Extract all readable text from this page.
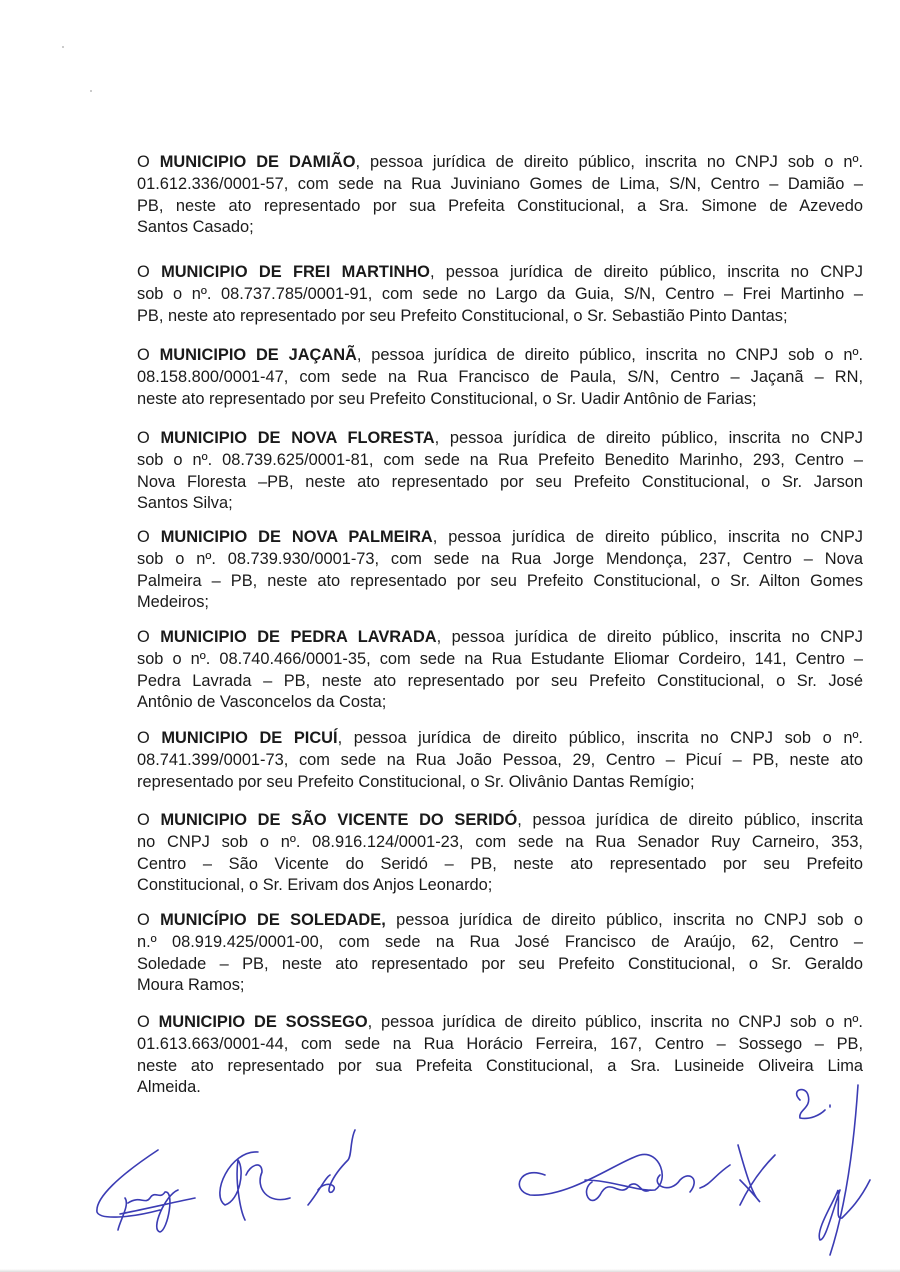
O MUNICIPIO DE DAMIÃO, pessoa jurídica de direito público, inscrita no CNPJ sob o nº.
01.612.336/0001-57, com sede na Rua Juviniano Gomes de Lima, S/N, Centro – Damião –
PB, neste ato representado por sua Prefeita Constitucional, a Sra. Simone de Azevedo
Santos Casado;
O MUNICIPIO DE FREI MARTINHO, pessoa jurídica de direito público, inscrita no CNPJ
sob o nº. 08.737.785/0001-91, com sede no Largo da Guia, S/N, Centro – Frei Martinho –
PB, neste ato representado por seu Prefeito Constitucional, o Sr. Sebastião Pinto Dantas;
O MUNICIPIO DE JAÇANÃ, pessoa jurídica de direito público, inscrita no CNPJ sob o nº.
08.158.800/0001-47, com sede na Rua Francisco de Paula, S/N, Centro – Jaçanã – RN,
neste ato representado por seu Prefeito Constitucional, o Sr. Uadir Antônio de Farias;
O MUNICIPIO DE NOVA FLORESTA, pessoa jurídica de direito público, inscrita no CNPJ
sob o nº. 08.739.625/0001-81, com sede na Rua Prefeito Benedito Marinho, 293, Centro –
Nova Floresta –PB, neste ato representado por seu Prefeito Constitucional, o Sr. Jarson
Santos Silva;
O MUNICIPIO DE NOVA PALMEIRA, pessoa jurídica de direito público, inscrita no CNPJ
sob o nº. 08.739.930/0001-73, com sede na Rua Jorge Mendonça, 237, Centro – Nova
Palmeira – PB, neste ato representado por seu Prefeito Constitucional, o Sr. Ailton Gomes
Medeiros;
O MUNICIPIO DE PEDRA LAVRADA, pessoa jurídica de direito público, inscrita no CNPJ
sob o nº. 08.740.466/0001-35, com sede na Rua Estudante Eliomar Cordeiro, 141, Centro –
Pedra Lavrada – PB, neste ato representado por seu Prefeito Constitucional, o Sr. José
Antônio de Vasconcelos da Costa;
O MUNICIPIO DE PICUÍ, pessoa jurídica de direito público, inscrita no CNPJ sob o nº.
08.741.399/0001-73, com sede na Rua João Pessoa, 29, Centro – Picuí – PB, neste ato
representado por seu Prefeito Constitucional, o Sr. Olivânio Dantas Remígio;
O MUNICIPIO DE SÃO VICENTE DO SERIDÓ, pessoa jurídica de direito público, inscrita
no CNPJ sob o nº. 08.916.124/0001-23, com sede na Rua Senador Ruy Carneiro, 353,
Centro – São Vicente do Seridó – PB, neste ato representado por seu Prefeito
Constitucional, o Sr. Erivam dos Anjos Leonardo;
O MUNICÍPIO DE SOLEDADE, pessoa jurídica de direito público, inscrita no CNPJ sob o
n.º 08.919.425/0001-00, com sede na Rua José Francisco de Araújo, 62, Centro –
Soledade – PB, neste ato representado por seu Prefeito Constitucional, o Sr. Geraldo
Moura Ramos;
O MUNICIPIO DE SOSSEGO, pessoa jurídica de direito público, inscrita no CNPJ sob o nº.
01.613.663/0001-44, com sede na Rua Horácio Ferreira, 167, Centro – Sossego – PB,
neste ato representado por sua Prefeita Constitucional, a Sra. Lusineide Oliveira Lima
Almeida.
